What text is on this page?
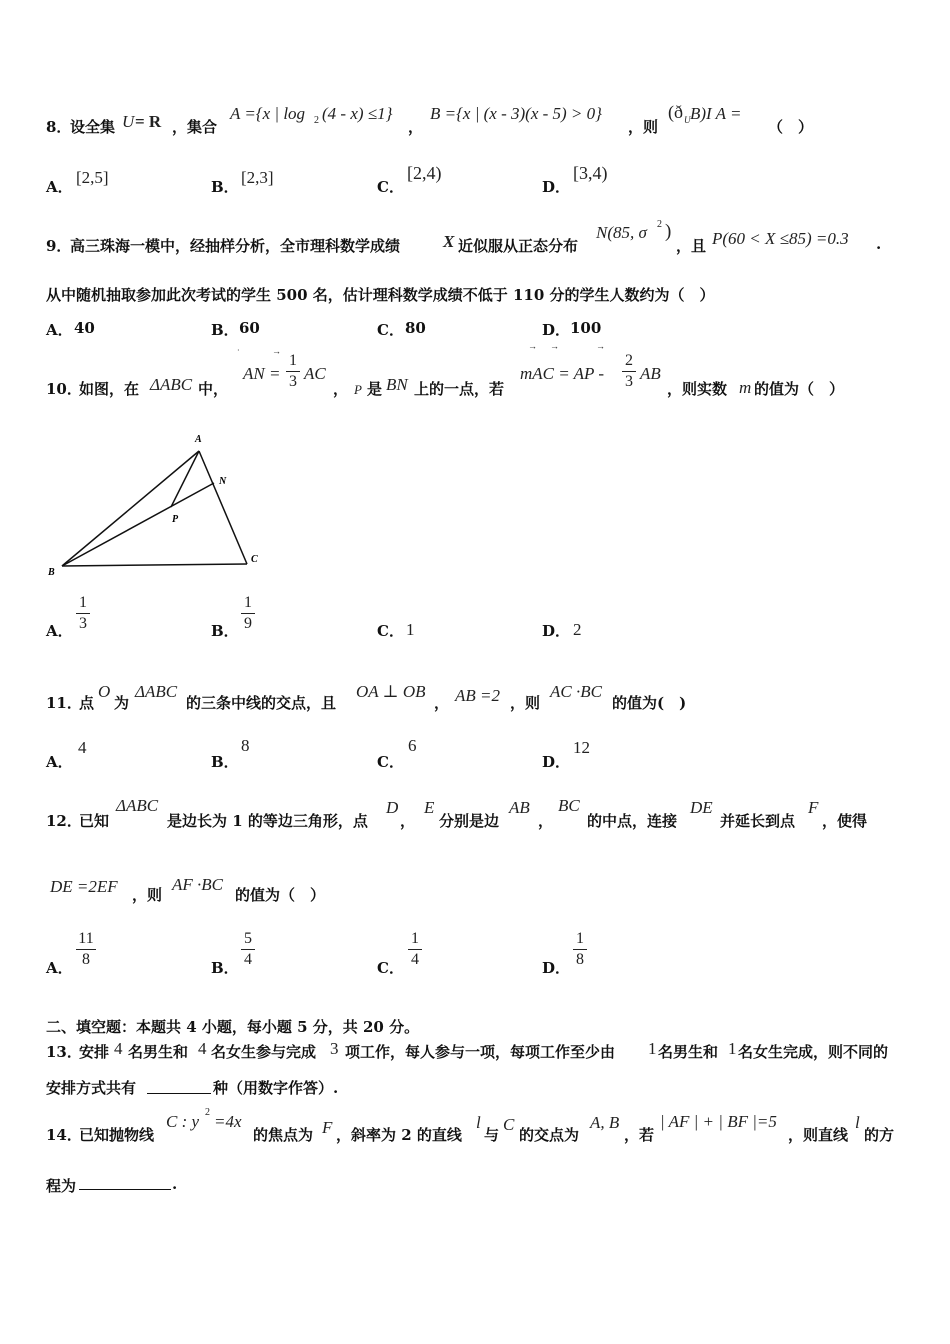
8．
设全集 U = R ，集合
A ={x | log 2 (4 - x) ≤1}
，
B ={x | (x - 3)(x - 5) > 0}
，则
(ð U B)I A =
（　）
A． [2,5]	B． [2,3]	C．
[2,4)
D．
[3,4)
9．
高三珠海一模中，经抽样分析，全市理科数学成绩	X 近似服从正态分布
N(85, σ 2 )
，且 P(60 < X ≤85) =0.3 .
从中随机抽取参加此次考试的学生 500 名，估计理科数学成绩不低于 110 分的学生人数约为（　）
A． 40	B． 60	C． 80	D． 100
10．
如图，在 ΔABC 中，
·
AN =
1
3
→
AC
， P 是 BN 上的一点，若
→ →	→
mAC = AP -
2
3 AB
，则实数 m 的值为（　）
A
B
C
N
P
A．
1
3	B．
1
9	C． 1	D． 2
11．
点
O
为
ΔABC
的三条中线的交点，且
OA ⊥ OB
， AB =2 ，则
AC ·BC
的值为(　)
A．
4
B．
8
C．
6
D．
12
12．
已知
ΔABC
是边长为 1 的等边三角形，点
D
，
E
分别是边
AB
，
BC
的中点，连接
DE
并延长到点
F
，使得
DE =2EF ，则
AF ·BC
的值为（　）
A．
11
8	B．
5
4	C．
1
4	D．
1
8
二、填空题：本题共 4 小题，每小题 5 分，共 20 分。
13．
安排 4 名男生和 4 名女生参与完成 3 项工作，每人参与一项，每项工作至少由 1 名男生和 1 名女生完成，则不同的
安排方式共有	种（用数字作答）.
14．
已知抛物线
C : y 2 =4x
的焦点为 F ，斜率为 2 的直线
l
与
C
的交点为
A, B
，若
| AF | + | BF |=5
，则直线
l
的方
程为	.
